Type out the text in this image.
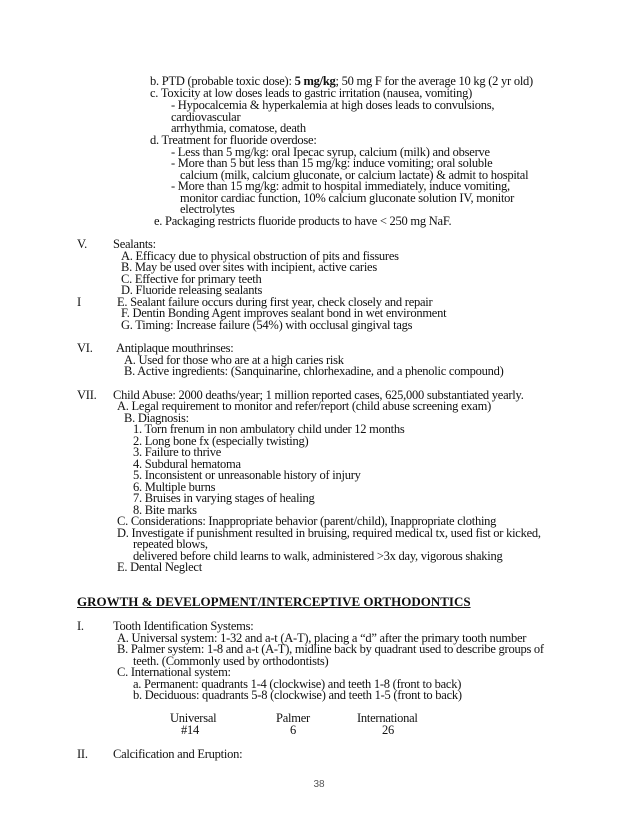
b. PTD (probable toxic dose): 5 mg/kg; 50 mg F for the average 10 kg (2 yr old)
c. Toxicity at low doses leads to gastric irritation (nausea, vomiting)
- Hypocalcemia & hyperkalemia at high doses leads to convulsions,
cardiovascular
arrhythmia, comatose, death
d. Treatment for fluoride overdose:
- Less than 5 mg/kg: oral Ipecac syrup, calcium (milk) and observe
- More than 5 but less than 15 mg/kg: induce vomiting; oral soluble
calcium (milk, calcium gluconate, or calcium lactate) & admit to hospital
- More than 15 mg/kg: admit to hospital immediately, induce vomiting,
monitor cardiac function, 10% calcium gluconate solution IV, monitor
electrolytes
e. Packaging restricts fluoride products to have < 250 mg NaF.
V. Sealants:
A. Efficacy due to physical obstruction of pits and fissures
B. May be used over sites with incipient, active caries
C. Effective for primary teeth
D. Fluoride releasing sealants
I	E. Sealant failure occurs during first year, check closely and repair
F. Dentin Bonding Agent improves sealant bond in wet environment
G. Timing: Increase failure (54%) with occlusal gingival tags
VI. Antiplaque mouthrinses:
A. Used for those who are at a high caries risk
B. Active ingredients: (Sanquinarine, chlorhexadine, and a phenolic compound)
VII. Child Abuse: 2000 deaths/year; 1 million reported cases, 625,000 substantiated yearly.
A. Legal requirement to monitor and refer/report (child abuse screening exam)
B. Diagnosis:
1. Torn frenum in non ambulatory child under 12 months
2. Long bone fx (especially twisting)
3. Failure to thrive
4. Subdural hematoma
5. Inconsistent or unreasonable history of injury
6. Multiple burns
7. Bruises in varying stages of healing
8. Bite marks
C. Considerations: Inappropriate behavior (parent/child), Inappropriate clothing
D. Investigate if punishment resulted in bruising, required medical tx, used fist or kicked,
repeated blows,
delivered before child learns to walk, administered >3x day, vigorous shaking
E. Dental Neglect
GROWTH & DEVELOPMENT/INTERCEPTIVE ORTHODONTICS
I. Tooth Identification Systems:
A. Universal system: 1-32 and a-t (A-T), placing a “d” after the primary tooth number
B. Palmer system: 1-8 and a-t (A-T), midline back by quadrant used to describe groups of
teeth. (Commonly used by orthodontists)
C. International system:
a. Permanent: quadrants 1-4 (clockwise) and teeth 1-8 (front to back)
b. Deciduous: quadrants 5-8 (clockwise) and teeth 1-5 (front to back)
Universal	Palmer	International
#14	6	26
II. Calcification and Eruption:
38
